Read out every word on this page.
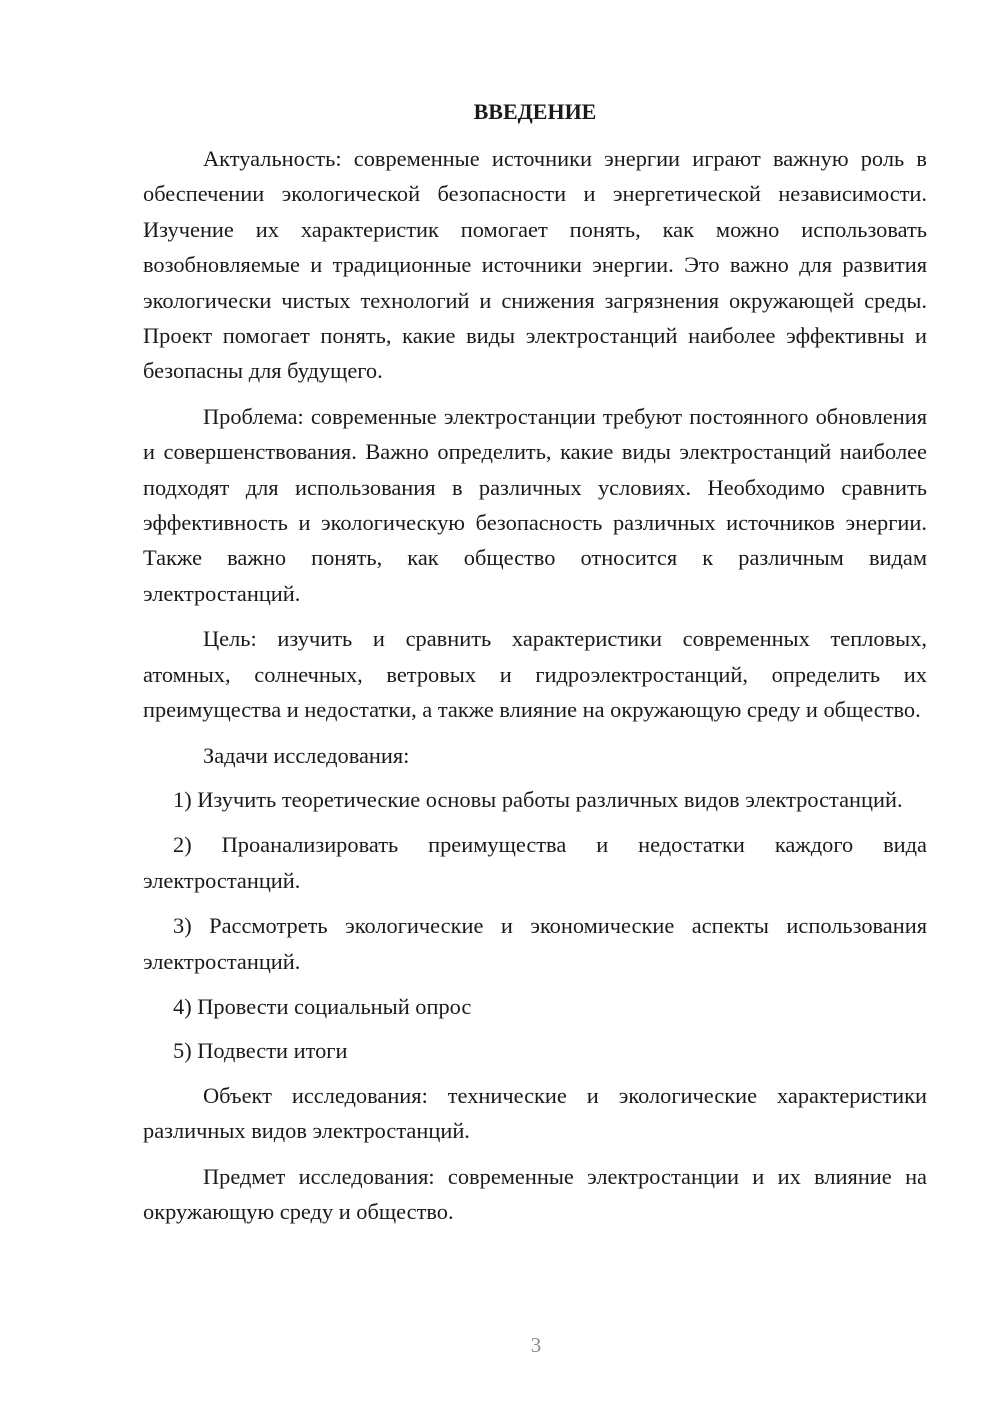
ВВЕДЕНИЕ

Актуальность: современные источники энергии играют важную роль в обеспечении экологической безопасности и энергетической независимости. Изучение их характеристик помогает понять, как можно использовать возобновляемые и традиционные источники энергии. Это важно для развития экологически чистых технологий и снижения загрязнения окружающей среды. Проект помогает понять, какие виды электростанций наиболее эффективны и безопасны для будущего.

Проблема: современные электростанции требуют постоянного обновления и совершенствования. Важно определить, какие виды электростанций наиболее подходят для использования в различных условиях. Необходимо сравнить эффективность и экологическую безопасность различных источников энергии. Также важно понять, как общество относится к различным видам электростанций.

Цель: изучить и сравнить характеристики современных тепловых, атомных, солнечных, ветровых и гидроэлектростанций, определить их преимущества и недостатки, а также влияние на окружающую среду и общество.

Задачи исследования:

1) Изучить теоретические основы работы различных видов электростанций.

2) Проанализировать преимущества и недостатки каждого вида электростанций.

3) Рассмотреть экологические и экономические аспекты использования электростанций.

4) Провести социальный опрос

5) Подвести итоги

Объект исследования: технические и экологические характеристики различных видов электростанций.

Предмет исследования: современные электростанции и их влияние на окружающую среду и общество.

3
